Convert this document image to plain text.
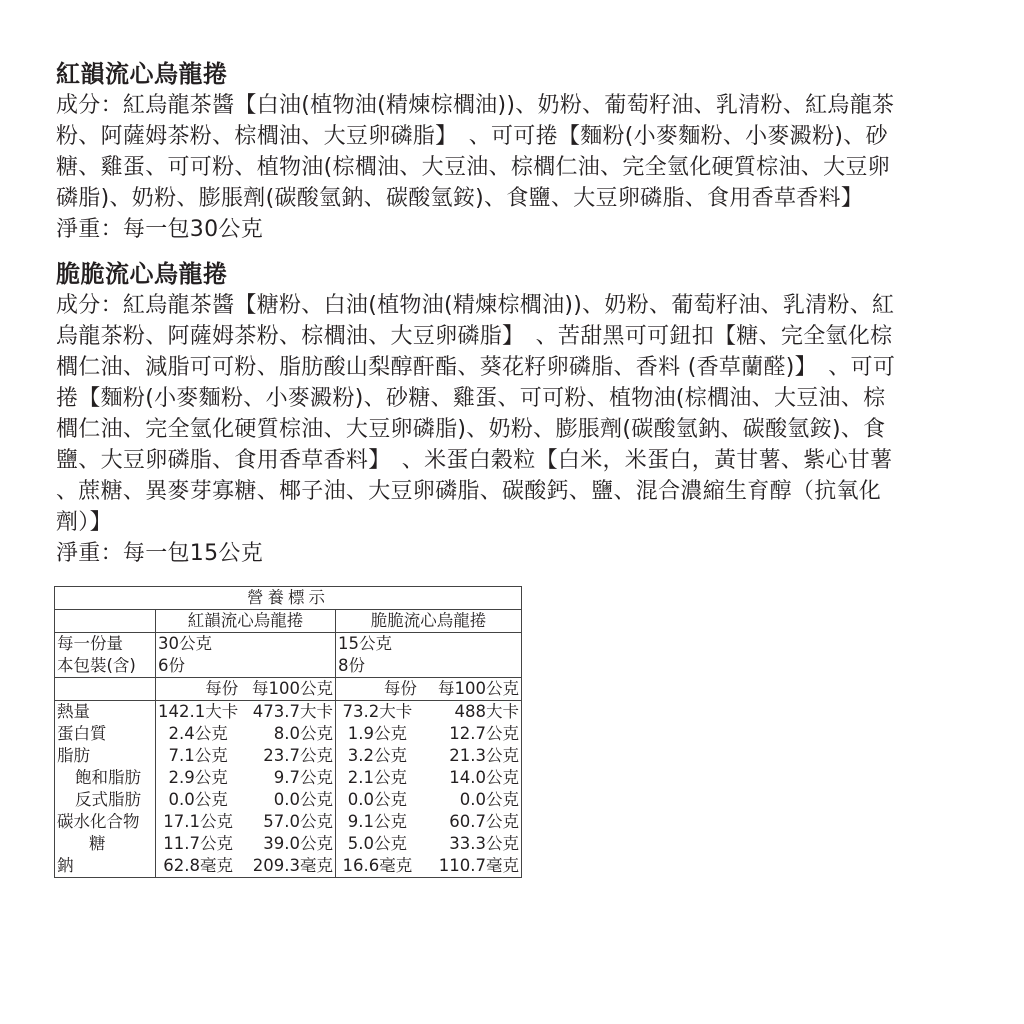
紅韻流心烏龍捲

成分：紅烏龍茶醬【白油(植物油(精煉棕櫚油))、奶粉、葡萄籽油、乳清粉、紅烏龍茶

粉、阿薩姆茶粉、棕櫚油、大豆卵磷脂】　、可可捲【麵粉(小麥麵粉、小麥澱粉)、砂

糖、雞蛋、可可粉、植物油(棕櫚油、大豆油、棕櫚仁油、完全氫化硬質棕油、大豆卵

磷脂)、奶粉、膨脹劑(碳酸氫鈉、碳酸氫銨)、食鹽、大豆卵磷脂、食用香草香料】

淨重：每一包30公克

脆脆流心烏龍捲

成分：紅烏龍茶醬【糖粉、白油(植物油(精煉棕櫚油))、奶粉、葡萄籽油、乳清粉、紅

烏龍茶粉、阿薩姆茶粉、棕櫚油、大豆卵磷脂】　、苦甜黑可可鈕扣【糖、完全氫化棕

櫚仁油、減脂可可粉、脂肪酸山梨醇酐酯、葵花籽卵磷脂、香料 (香草蘭醛)】　、可可

捲【麵粉(小麥麵粉、小麥澱粉)、砂糖、雞蛋、可可粉、植物油(棕櫚油、大豆油、棕

櫚仁油、完全氫化硬質棕油、大豆卵磷脂)、奶粉、膨脹劑(碳酸氫鈉、碳酸氫銨)、食

鹽、大豆卵磷脂、食用香草香料】　、米蛋白穀粒【白米，米蛋白，黃甘薯、紫心甘薯

、蔗糖、異麥芽寡糖、椰子油、大豆卵磷脂、碳酸鈣、鹽、混合濃縮生育醇（抗氧化

劑）】

淨重：每一包15公克

營養標示				
	紅韻流心烏龍捲		脆脆流心烏龍捲	
每一份量	30公克		15公克	
本包裝(含)	6份		8份	
	每份	每100公克	每份	每100公克
熱量	142.1大卡	473.7大卡	73.2大卡	488大卡
蛋白質	2.4公克	8.0公克	1.9公克	12.7公克
脂肪	7.1公克	23.7公克	3.2公克	21.3公克
飽和脂肪	2.9公克	9.7公克	2.1公克	14.0公克
反式脂肪	0.0公克	0.0公克	0.0公克	0.0公克
碳水化合物	17.1公克	57.0公克	9.1公克	60.7公克
糖	11.7公克	39.0公克	5.0公克	33.3公克
鈉	62.8毫克	209.3毫克	16.6毫克	110.7毫克
